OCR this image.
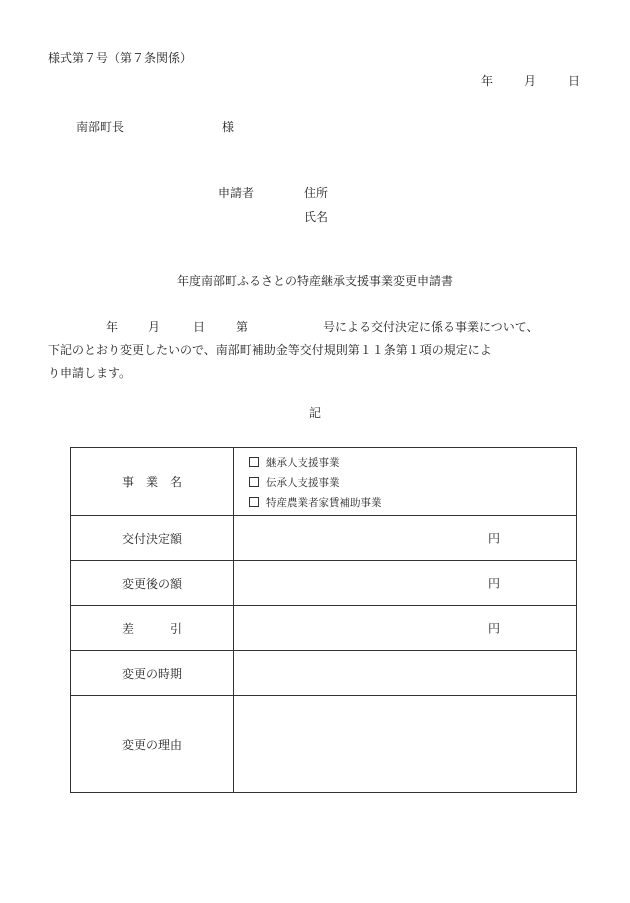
様式第７号（第７条関係）
年	月	日
南部町長	様
申請者	住所
氏名
年度南部町ふるさとの特産継承支援事業変更申請書
年 月	日	第	号による交付決定に係る事業について、
下記のとおり変更したいので、南部町補助金等交付規則第１１条第１項の規定によ
り申請します。
記
事　業　名
継承人支援事業
伝承人支援事業
特産農業者家賃補助事業
交付決定額	円
変更後の額	円
差　　　引	円
変更の時期
変更の理由
